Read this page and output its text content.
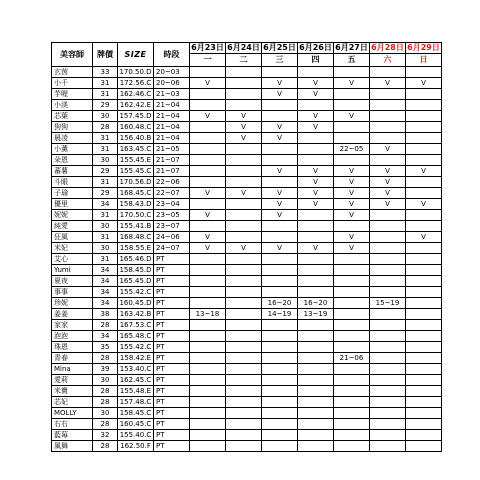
美容師	牌價	SIZE	時段	6月23日	6月24日	6月25日	6月26日	6月27日	6月28日	6月29日
				一	二	三	四	五	六	日
玄茵	33	170.50.D	20~03							
小千	31	172.56.C	20~06	V		V	V	V	V	V
芋喔	31	162.46.C	21~03			V	V			
小渼	29	162.42.E	21~04							
芯葉	30	157.45.D	21~04	V	V		V	V		
狗狗	28	160.48.C	21~04		V	V	V			
晨凌	31	156.40.B	21~04		V	V				
小薰	31	163.45.C	21~05					22~05	V	
朵恩	30	155.45.E	21~07							
蕃薯	29	155.45.C	21~07			V	V	V	V	V
斗眼	31	170.56.D	22~06				V	V	V	
子瑜	29	168.45.C	22~07	V	V	V	V	V	V	
優里	34	158.43.D	23~04			V	V	V	V	V
妮妮	31	170.50.C	23~05	V		V		V		
純愛	30	155.41.B	23~07							
狂風	31	168.48.C	24~06	V				V		V
米妃	30	158.55.E	24~07	V	V	V	V	V		
艾心	31	165.46.D	PT							
Yumi	34	158.45.D	PT							
夏夜	34	165.45.D	PT							
事事	34	155.42.C	PT							
珍妮	34	160.45.D	PT			16~20	16~20		15~19	
姜姜	38	163.42.B	PT	13~18		14~19	13~19			
家家	28	167.53.C	PT							
泡泡	34	165.48.C	PT							
珠恩	35	155.42.C	PT							
青春	28	158.42.E	PT					21~06		
Mina	39	153.40.C	PT							
愛莉	30	162.45.C	PT							
米寶	28	155.48.E	PT							
芯妃	28	157.48.C	PT							
MOLLY	30	158.45.C	PT							
右右	28	160.45.C	PT							
藍莓	32	155.40.C	PT							
風舞	28	162.50.F	PT							
